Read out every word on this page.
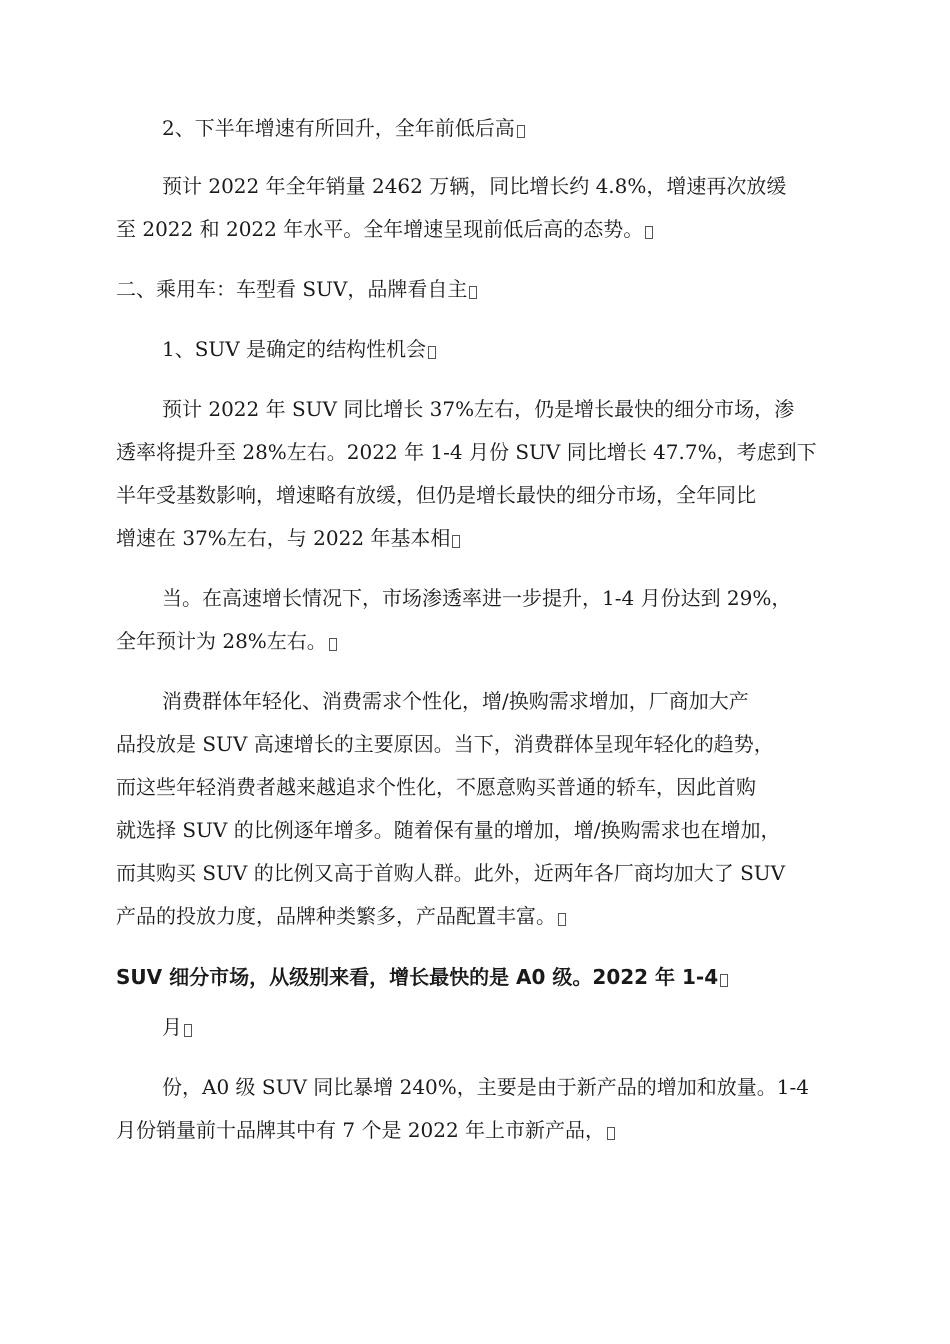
2、下半年增速有所回升，全年前低后高
预计 2022 年全年销量 2462 万辆，同比增长约 4.8%，增速再次放缓
至 2022 和 2022 年水平。全年增速呈现前低后高的态势。
二、乘用车：车型看 SUV，品牌看自主
1、SUV 是确定的结构性机会
预计 2022 年 SUV 同比增长 37%左右，仍是增长最快的细分市场，渗
透率将提升至 28%左右。2022 年 1-4 月份 SUV 同比增长 47.7%，考虑到下
半年受基数影响，增速略有放缓，但仍是增长最快的细分市场，全年同比
增速在 37%左右，与 2022 年基本相
当。在高速增长情况下，市场渗透率进一步提升，1-4 月份达到 29%，
全年预计为 28%左右。
消费群体年轻化、消费需求个性化，增/换购需求增加，厂商加大产
品投放是 SUV 高速增长的主要原因。当下，消费群体呈现年轻化的趋势，
而这些年轻消费者越来越追求个性化，不愿意购买普通的轿车，因此首购
就选择 SUV 的比例逐年增多。随着保有量的增加，增/换购需求也在增加，
而其购买 SUV 的比例又高于首购人群。此外，近两年各厂商均加大了 SUV
产品的投放力度，品牌种类繁多，产品配置丰富。
SUV 细分市场，从级别来看，增长最快的是 A0 级。2022 年 1-4
月
份，A0 级 SUV 同比暴增 240%，主要是由于新产品的增加和放量。1-4
月份销量前十品牌其中有 7 个是 2022 年上市新产品，
